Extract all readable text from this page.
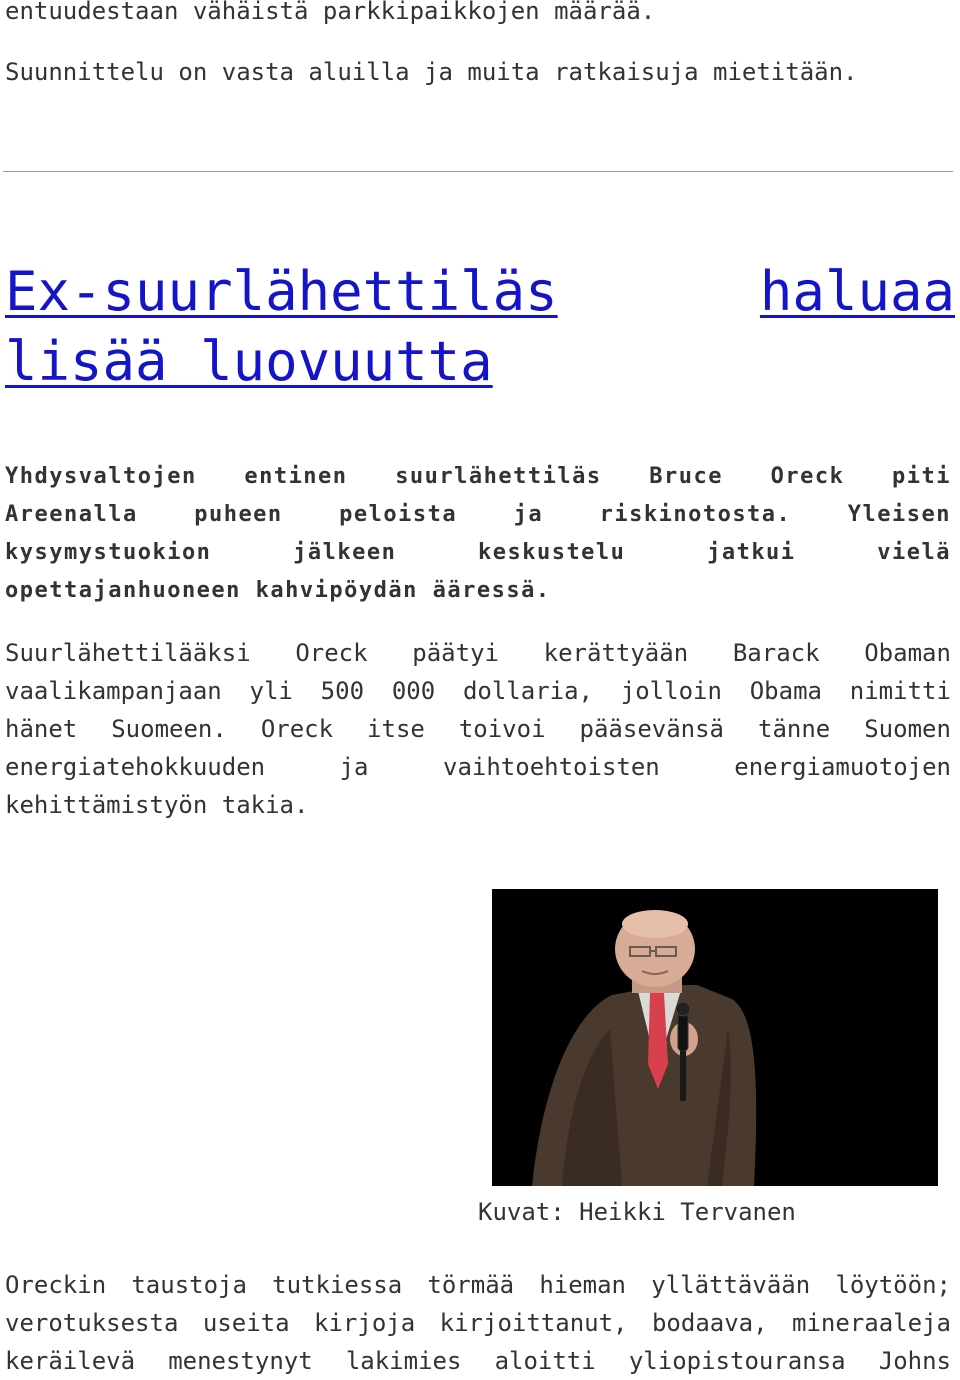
entuudestaan vähäistä parkkipaikkojen määrää.
Suunnittelu on vasta aluilla ja muita ratkaisuja mietitään.
Ex-suurlähettiläs	haluaa
lisää luovuutta
Yhdysvaltojen entinen suurlähettiläs Bruce Oreck piti
Areenalla	puheen	peloista	ja	riskinotosta.	Yleisen
kysymystuokion	jälkeen	keskustelu	jatkui	vielä
opettajanhuoneen kahvipöydän ääressä.
Suurlähettilääksi Oreck päätyi kerättyään Barack Obaman
vaalikampanjaan yli 500 000 dollaria, jolloin Obama nimitti
hänet Suomeen. Oreck itse toivoi pääsevänsä tänne Suomen
energiatehokkuuden	ja	vaihtoehtoisten	energiamuotojen
kehittämistyön takia.
Kuvat: Heikki Tervanen
Oreckin taustoja tutkiessa törmää hieman yllättävään löytöön;
verotuksesta useita kirjoja kirjoittanut, bodaava, mineraaleja
keräilevä menestynyt lakimies aloitti yliopistouransa Johns
